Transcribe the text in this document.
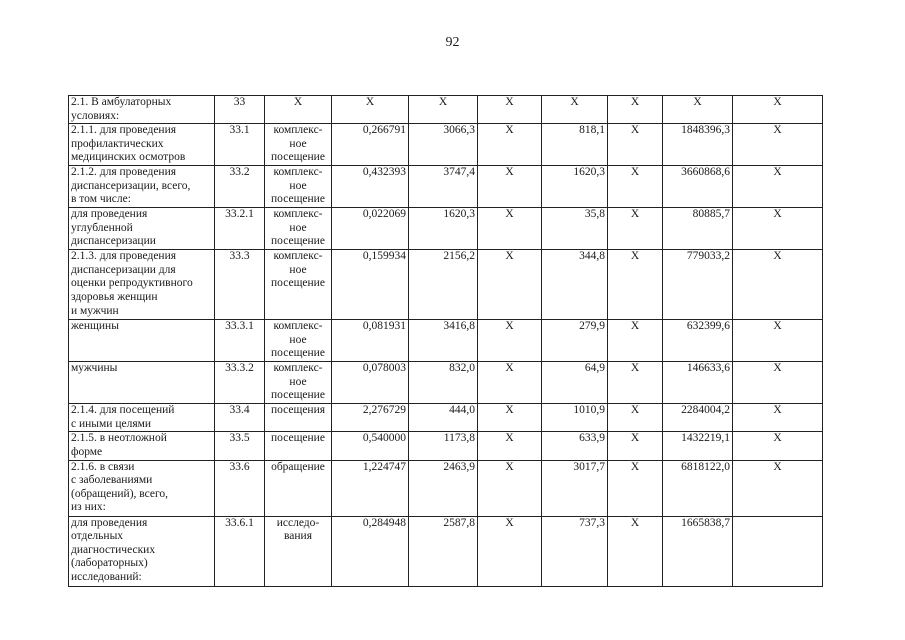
92
2.1. В амбулаторных
условиях:	33	Х	Х	Х	Х	Х	Х	Х	Х

2.1.1. для проведения
профилактических
медицинских осмотров	33.1	комплекс-
ное
посещение	0,266791	3066,3	Х	818,1	Х	1848396,3	Х

2.1.2. для проведения
диспансеризации, всего,
в том числе:	33.2	комплекс-
ное
посещение	0,432393	3747,4	Х	1620,3	Х	3660868,6	Х

для проведения
углубленной
диспансеризации	33.2.1	комплекс-
ное
посещение	0,022069	1620,3	Х	35,8	Х	80885,7	Х

2.1.3. для проведения
диспансеризации для
оценки репродуктивного
здоровья женщин
и мужчин	33.3	комплекс-
ное
посещение	0,159934	2156,2	Х	344,8	Х	779033,2	Х

женщины	33.3.1	комплекс-
ное
посещение	0,081931	3416,8	Х	279,9	Х	632399,6	Х

мужчины	33.3.2	комплекс-
ное
посещение	0,078003	832,0	Х	64,9	Х	146633,6	Х

2.1.4. для посещений
с иными целями	33.4	посещения	2,276729	444,0	Х	1010,9	Х	2284004,2	Х

2.1.5. в неотложной
форме	33.5	посещение	0,540000	1173,8	Х	633,9	Х	1432219,1	Х

2.1.6. в связи
с заболеваниями
(обращений), всего,
из них:	33.6	обращение	1,224747	2463,9	Х	3017,7	Х	6818122,0	Х

для проведения
отдельных
диагностических
(лабораторных)
исследований:	33.6.1	исследо-
вания	0,284948	2587,8	Х	737,3	Х	1665838,7	
